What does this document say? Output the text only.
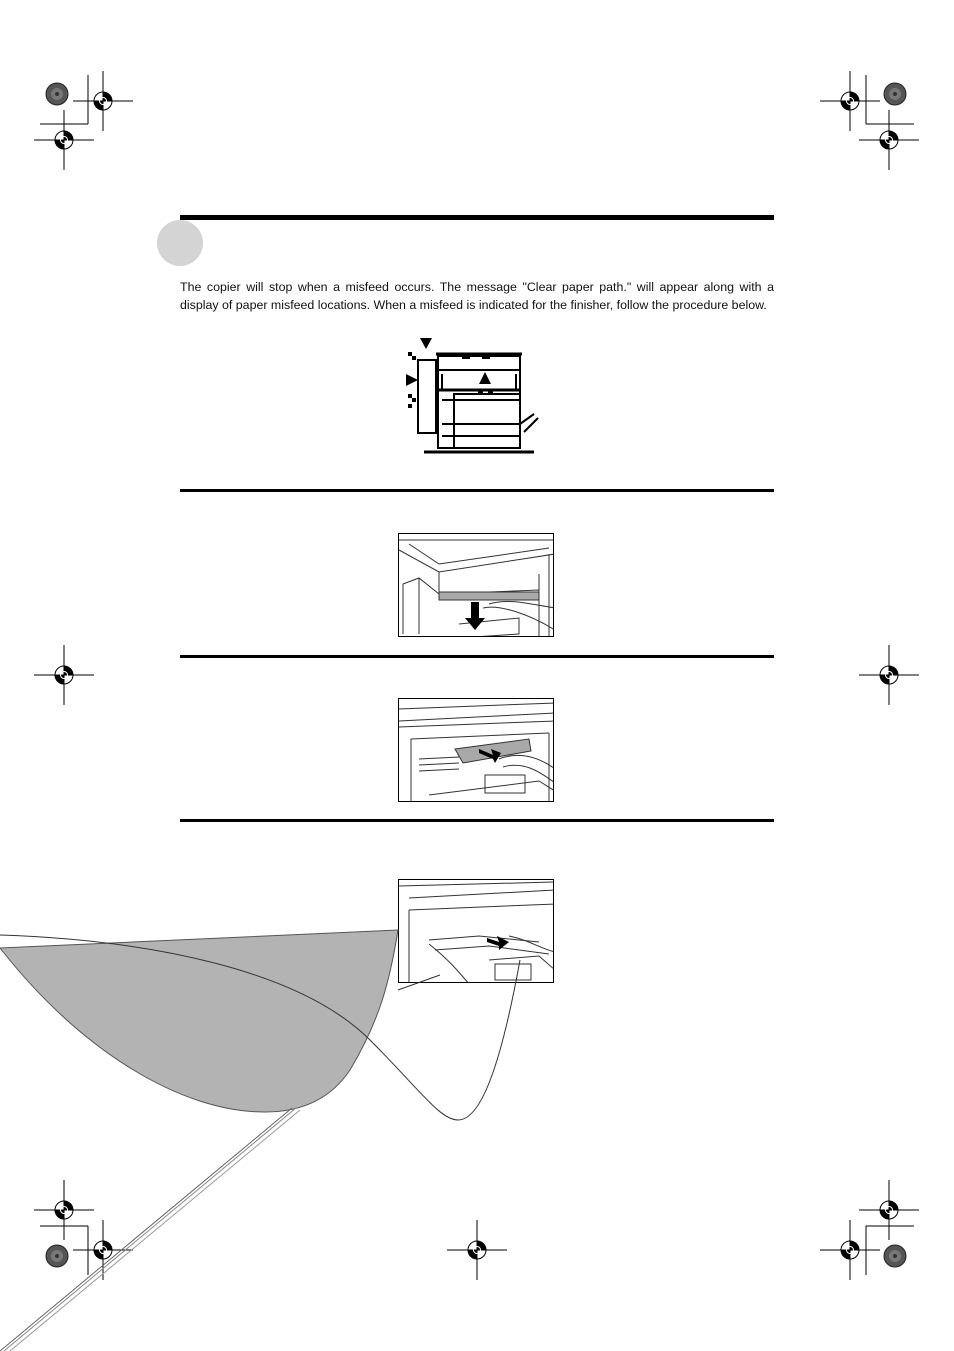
The copier will stop when a misfeed occurs. The message "Clear paper path." will appear along with a display of paper misfeed locations. When a misfeed is indicated for the finisher, follow the procedure below.
